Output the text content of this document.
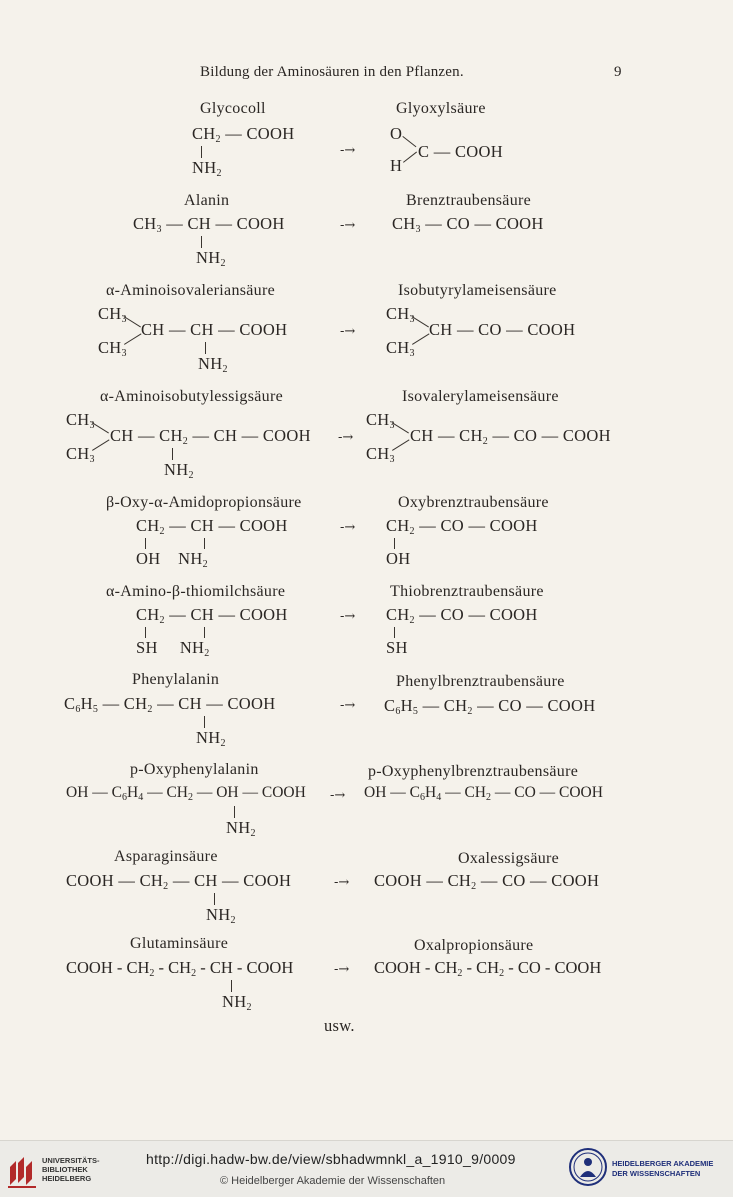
Bildung der Aminosäuren in den Pflanzen.	9
Glycocoll	Glyoxylsäure
$CH_2$ — COOH
$NH_2$
-→
O
C — COOH
H
Alanin	Brenztraubensäure
$CH_3$ — CH — COOH
$NH_2$
-→ $CH_3$ — CO — COOH
α-Aminoisovaleriansäure	Isobutyrylameisensäure
$CH_3$
CH — CH — COOH
$CH_3$
$NH_2$
-→
$CH_3$
CH — CO — COOH
$CH_3$
α-Aminoisobutylessigsäure	Isovalerylameisensäure
$CH_3$
CH — $CH_2$ — CH — COOH
$CH_3$
$NH_2$
-→
$CH_3$
CH — $CH_2$ — CO — COOH
$CH_3$
β-Oxy-α-Amidopropionsäure	Oxybrenztraubensäure
$CH_2$ — CH — COOH
OH    $NH_2$
-→ $CH_2$ — CO — COOH
OH
α-Amino-β-thiomilchsäure	Thiobrenztraubensäure
$CH_2$ — CH — COOH
SH     $NH_2$
-→ $CH_2$ — CO — COOH
SH
Phenylalanin	Phenylbrenztraubensäure
$C_6H_5$ — $CH_2$ — CH — COOH
$NH_2$
-→ $C_6H_5$ — $CH_2$ — CO — COOH
p-Oxyphenylalanin	p-Oxyphenylbrenztraubensäure
OH — $C_6H_4$ — $CH_2$ — OH — COOH
$NH_2$
-→ OH — $C_6H_4$ — $CH_2$ — CO — COOH
Asparaginsäure	Oxalessigsäure
COOH — $CH_2$ — CH — COOH
$NH_2$
-→ COOH — $CH_2$ — CO — COOH
Glutaminsäure	Oxalpropionsäure
COOH - $CH_2 - CH_2$ - CH - COOH
$NH_2$
-→ COOH - $CH_2 - CH_2$ - CO - COOH
usw.
UNIVERSITÄTS-
BIBLIOTHEK
HEIDELBERG
http://digi.hadw-bw.de/view/sbhadwmnkl_a_1910_9/0009
© Heidelberger Akademie der Wissenschaften
HEIDELBERGER AKADEMIE
DER WISSENSCHAFTEN
